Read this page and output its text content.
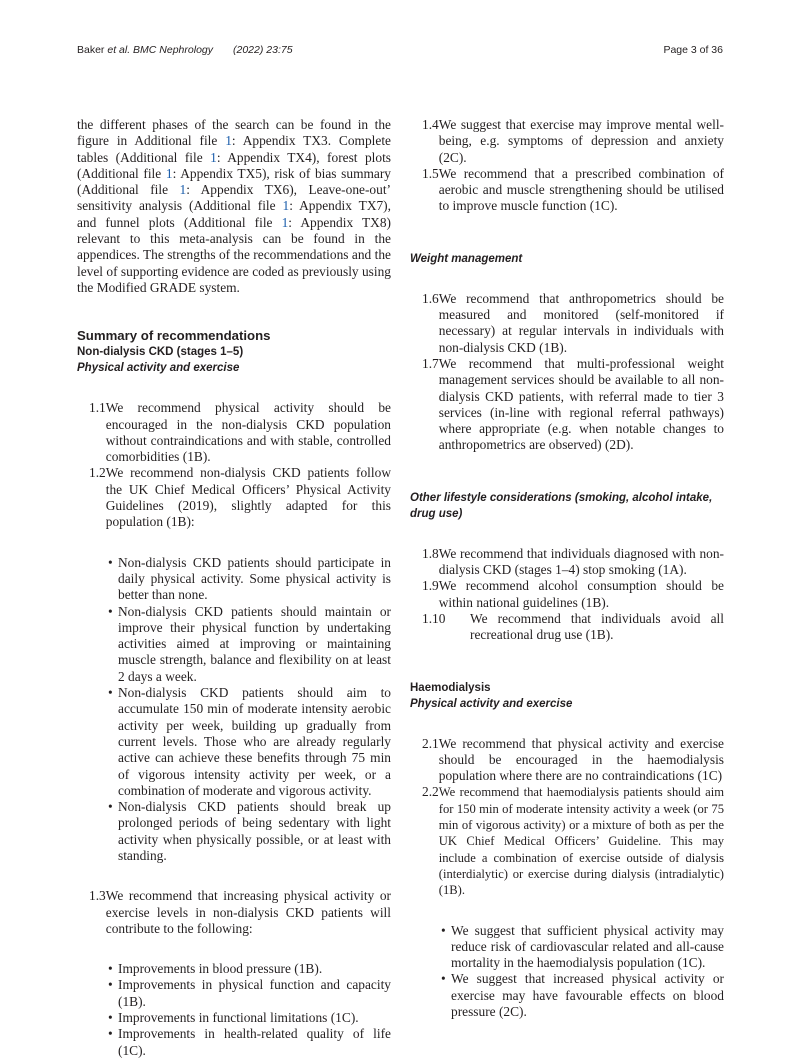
Baker et al. BMC Nephrology (2022) 23:75	Page 3 of 36

the different phases of the search can be found in the figure in Additional file 1: Appendix TX3. Complete tables (Additional file 1: Appendix TX4), forest plots (Additional file 1: Appendix TX5), risk of bias summary (Additional file 1: Appendix TX6), Leave-one-out’ sensitivity analysis (Additional file 1: Appendix TX7), and funnel plots (Additional file 1: Appendix TX8) relevant to this meta-analysis can be found in the appendices. The strengths of the recommendations and the level of supporting evidence are coded as previously using the Modified GRADE system.

Summary of recommendations
Non-dialysis CKD (stages 1–5)
Physical activity and exercise
1.1 We recommend physical activity should be encouraged in the non-dialysis CKD population without contraindications and with stable, controlled comorbidities (1B).
1.2 We recommend non-dialysis CKD patients follow the UK Chief Medical Officers’ Physical Activity Guidelines (2019), slightly adapted for this population (1B):
• Non-dialysis CKD patients should participate in daily physical activity. Some physical activity is better than none.
• Non-dialysis CKD patients should maintain or improve their physical function by undertaking activities aimed at improving or maintaining muscle strength, balance and flexibility on at least 2 days a week.
• Non-dialysis CKD patients should aim to accumulate 150 min of moderate intensity aerobic activity per week, building up gradually from current levels. Those who are already regularly active can achieve these benefits through 75 min of vigorous intensity activity per week, or a combination of moderate and vigorous activity.
• Non-dialysis CKD patients should break up prolonged periods of being sedentary with light activity when physically possible, or at least with standing.
1.3 We recommend that increasing physical activity or exercise levels in non-dialysis CKD patients will contribute to the following:
• Improvements in blood pressure (1B).
• Improvements in physical function and capacity (1B).
• Improvements in functional limitations (1C).
• Improvements in health-related quality of life (1C).
1.4 We suggest that exercise may improve mental well-being, e.g. symptoms of depression and anxiety (2C).
1.5 We recommend that a prescribed combination of aerobic and muscle strengthening should be utilised to improve muscle function (1C).
Weight management
1.6 We recommend that anthropometrics should be measured and monitored (self-monitored if necessary) at regular intervals in individuals with non-dialysis CKD (1B).
1.7 We recommend that multi-professional weight management services should be available to all non-dialysis CKD patients, with referral made to tier 3 services (in-line with regional referral pathways) where appropriate (e.g. when notable changes to anthropometrics are observed) (2D).
Other lifestyle considerations (smoking, alcohol intake, drug use)
1.8 We recommend that individuals diagnosed with non-dialysis CKD (stages 1–4) stop smoking (1A).
1.9 We recommend alcohol consumption should be within national guidelines (1B).
1.10	We recommend that individuals avoid all recreational drug use (1B).
Haemodialysis
Physical activity and exercise
2.1 We recommend that physical activity and exercise should be encouraged in the haemodialysis population where there are no contraindications (1C)
2.2 We recommend that haemodialysis patients should aim for 150 min of moderate intensity activity a week (or 75 min of vigorous activity) or a mixture of both as per the UK Chief Medical Officers’ Guideline. This may include a combination of exercise outside of dialysis (interdialytic) or exercise during dialysis (intradialytic) (1B).
• We suggest that sufficient physical activity may reduce risk of cardiovascular related and all-cause mortality in the haemodialysis population (1C).
• We suggest that increased physical activity or exercise may have favourable effects on blood pressure (2C).
